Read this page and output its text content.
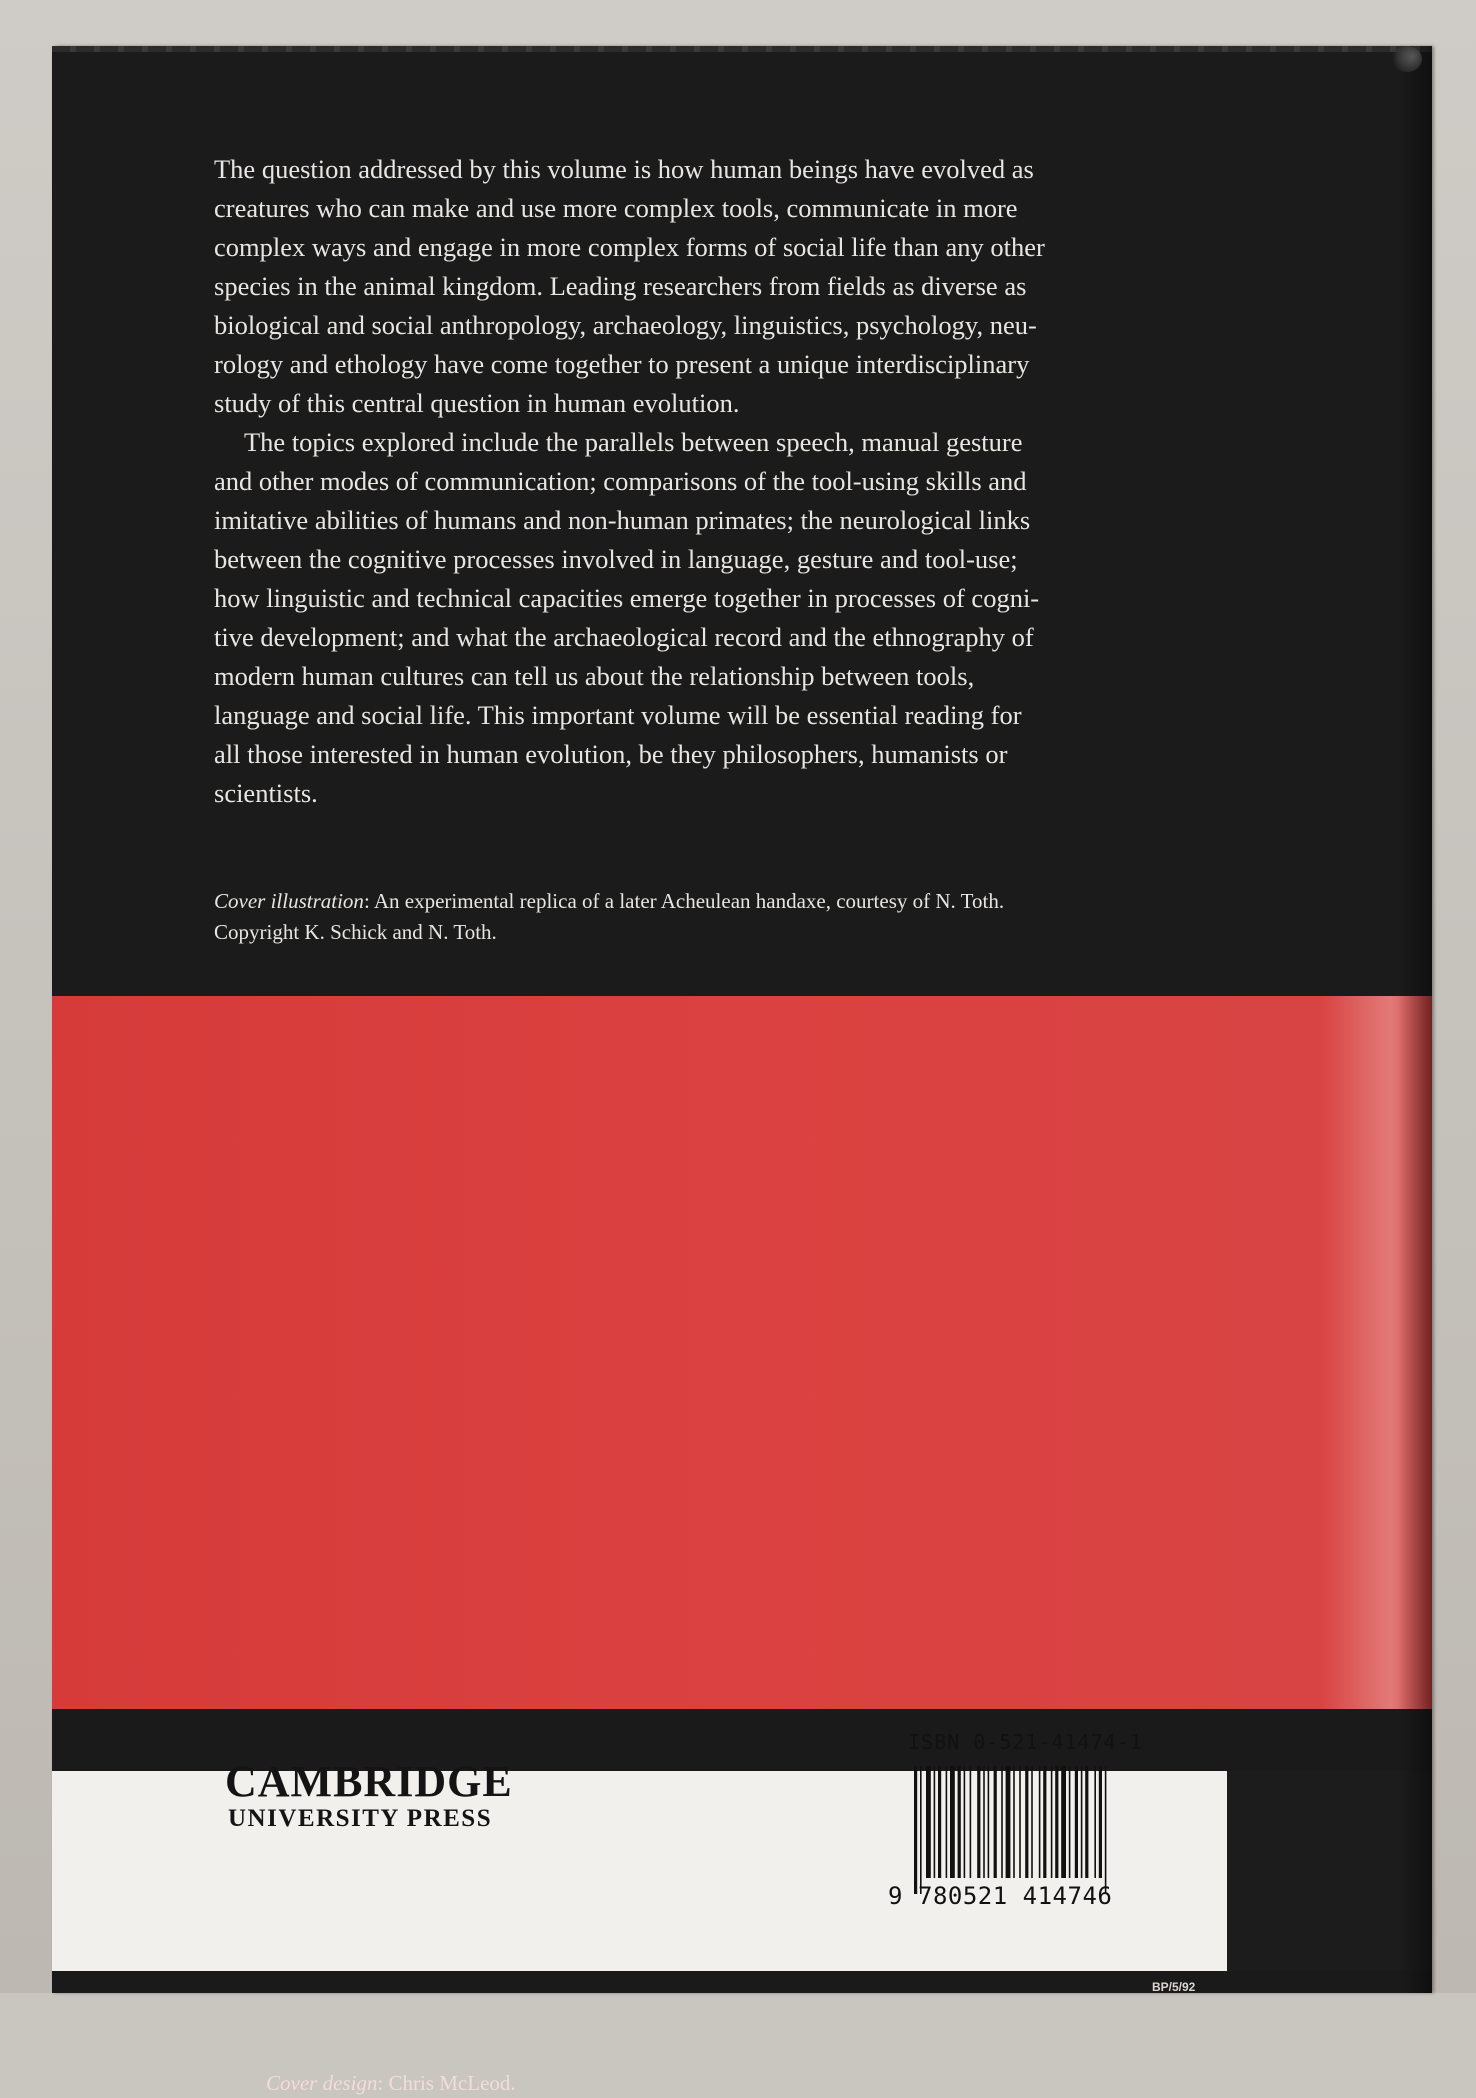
Cover design: Chris McLeod.

The question addressed by this volume is how human beings have evolved as
creatures who can make and use more complex tools, communicate in more
complex ways and engage in more complex forms of social life than any other
species in the animal kingdom. Leading researchers from fields as diverse as
biological and social anthropology, archaeology, linguistics, psychology, neu-
rology and ethology have come together to present a unique interdisciplinary
study of this central question in human evolution.

The topics explored include the parallels between speech, manual gesture
and other modes of communication; comparisons of the tool-using skills and
imitative abilities of humans and non-human primates; the neurological links
between the cognitive processes involved in language, gesture and tool-use;
how linguistic and technical capacities emerge together in processes of cogni-
tive development; and what the archaeological record and the ethnography of
modern human cultures can tell us about the relationship between tools,
language and social life. This important volume will be essential reading for
all those interested in human evolution, be they philosophers, humanists or
scientists.

Cover illustration: An experimental replica of a later Acheulean handaxe, courtesy of N. Toth.
Copyright K. Schick and N. Toth.
CAMBRIDGE
UNIVERSITY PRESS
ISBN 0-521-41474-1
9 780521 414746
BP/5/92
